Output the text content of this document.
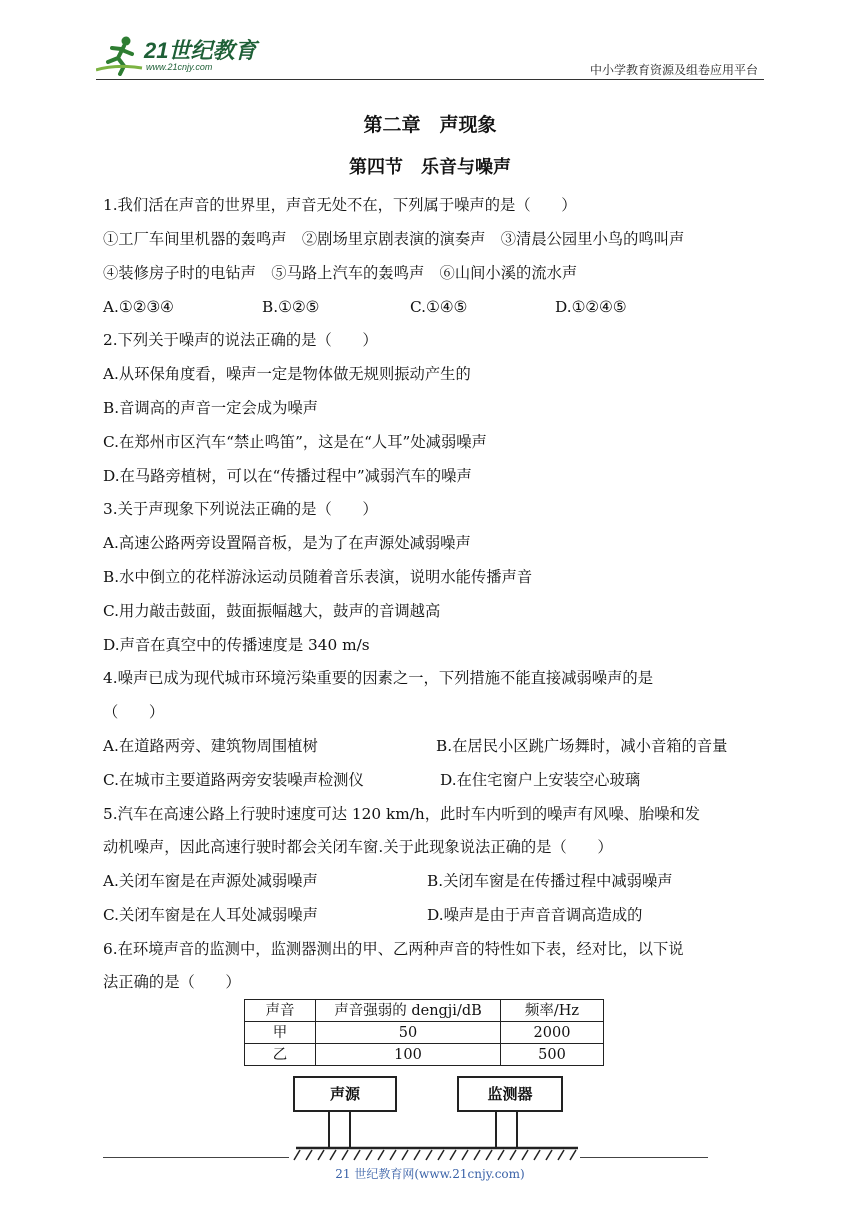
21世纪教育
www.21cnjy.com	中小学教育资源及组卷应用平台
第二章　声现象
第四节　乐音与噪声
1.我们活在声音的世界里，声音无处不在，下列属于噪声的是（　　）
①工厂车间里机器的轰鸣声　②剧场里京剧表演的演奏声　③清晨公园里小鸟的鸣叫声
④装修房子时的电钻声　⑤马路上汽车的轰鸣声　⑥山间小溪的流水声
A.①②③④	B.①②⑤	C.①④⑤	D.①②④⑤
2.下列关于噪声的说法正确的是（　　）
A.从环保角度看，噪声一定是物体做无规则振动产生的
B.音调高的声音一定会成为噪声
C.在郑州市区汽车“禁止鸣笛”，这是在“人耳”处减弱噪声
D.在马路旁植树，可以在“传播过程中”减弱汽车的噪声
3.关于声现象下列说法正确的是（　　）
A.高速公路两旁设置隔音板，是为了在声源处减弱噪声
B.水中倒立的花样游泳运动员随着音乐表演，说明水能传播声音
C.用力敲击鼓面，鼓面振幅越大，鼓声的音调越高
D.声音在真空中的传播速度是 340 m/s
4.噪声已成为现代城市环境污染重要的因素之一，下列措施不能直接减弱噪声的是
（　　）
A.在道路两旁、建筑物周围植树	B.在居民小区跳广场舞时，减小音箱的音量
C.在城市主要道路两旁安装噪声检测仪	D.在住宅窗户上安装空心玻璃
5.汽车在高速公路上行驶时速度可达 120 km/h，此时车内听到的噪声有风噪、胎噪和发
动机噪声，因此高速行驶时都会关闭车窗.关于此现象说法正确的是（　　）
A.关闭车窗是在声源处减弱噪声	B.关闭车窗是在传播过程中减弱噪声
C.关闭车窗是在人耳处减弱噪声	D.噪声是由于声音音调高造成的
6.在环境声音的监测中，监测器测出的甲、乙两种声音的特性如下表，经对比，以下说
法正确的是（　　）
声音	声音强弱的 dengji/dB	频率/Hz
甲	50	2000
乙	100	500
声源	监测器
21 世纪教育网(www.21cnjy.com)
